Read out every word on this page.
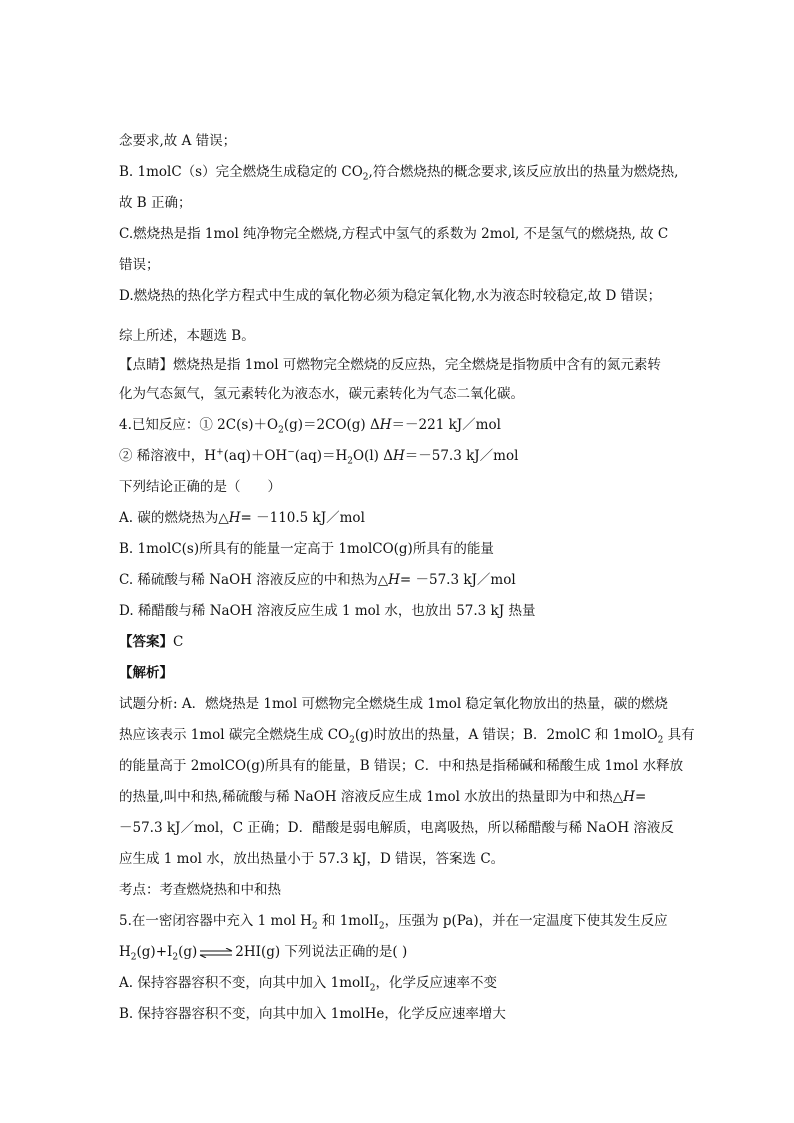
念要求,故 A 错误；
B. 1molC（s）完全燃烧生成稳定的 $CO_2$,符合燃烧热的概念要求,该反应放出的热量为燃烧热,
故 B 正确；
C.燃烧热是指 1mol 纯净物完全燃烧,方程式中氢气的系数为 2mol, 不是氢气的燃烧热, 故 C
错误；
D.燃烧热的热化学方程式中生成的氧化物必须为稳定氧化物,水为液态时较稳定,故 D 错误；
综上所述，本题选 B。
【点睛】燃烧热是指 1mol 可燃物完全燃烧的反应热，完全燃烧是指物质中含有的氮元素转
化为气态氮气，氢元素转化为液态水，碳元素转化为气态二氧化碳。
4.已知反应：① $2C(s)+O_2(g)=2CO(g)$ ΔH＝－221 kJ／mol
② 稀溶液中，$H^+(aq)+OH^-(aq)=H_2O(l)$ ΔH＝－57.3 kJ／mol
下列结论正确的是（　　）
A. 碳的燃烧热为△H= －110.5 kJ／mol
B. 1molC(s)所具有的能量一定高于 1molCO(g)所具有的能量
C. 稀硫酸与稀 NaOH 溶液反应的中和热为△H= －57.3 kJ／mol
D. 稀醋酸与稀 NaOH 溶液反应生成 1 mol 水，也放出 57.3 kJ 热量
【答案】C
【解析】
试题分析: A．燃烧热是 1mol 可燃物完全燃烧生成 1mol 稳定氧化物放出的热量，碳的燃烧
热应该表示 1mol 碳完全燃烧生成 $CO_2(g)$时放出的热量，A 错误；B．2molC 和 1molO$_2$ 具有
的能量高于 2molCO(g)所具有的能量，B 错误；C．中和热是指稀碱和稀酸生成 1mol 水释放
的热量,叫中和热,稀硫酸与稀 NaOH 溶液反应生成 1mol 水放出的热量即为中和热△H=
－57.3 kJ／mol，C 正确；D．醋酸是弱电解质，电离吸热，所以稀醋酸与稀 NaOH 溶液反
应生成 1 mol 水，放出热量小于 57.3 kJ，D 错误，答案选 C。
考点：考查燃烧热和中和热
5.在一密闭容器中充入 1 mol $H_2$ 和 1molI$_2$，压强为 p(Pa)，并在一定温度下使其发生反应
$H_2(g)+I_2(g)$ ⇌ 2HI(g) 下列说法正确的是( )
A. 保持容器容积不变，向其中加入 1molI$_2$，化学反应速率不变
B. 保持容器容积不变，向其中加入 1molHe，化学反应速率增大
